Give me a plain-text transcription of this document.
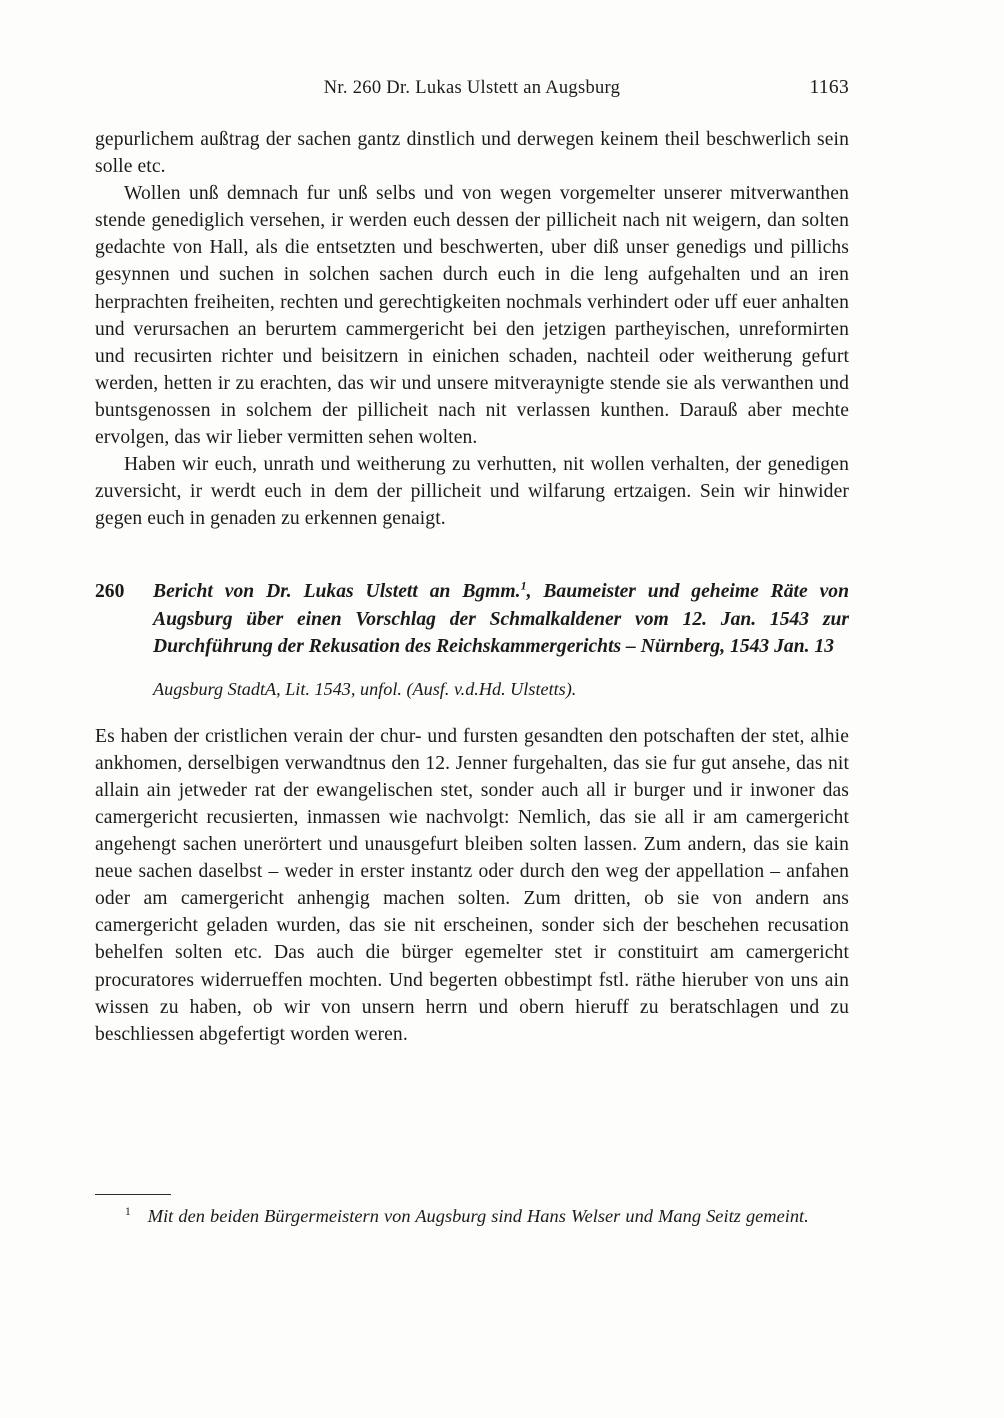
Nr. 260 Dr. Lukas Ulstett an Augsburg	1163

gepurlichem außtrag der sachen gantz dinstlich und derwegen keinem theil beschwerlich sein solle etc.

Wollen unß demnach fur unß selbs und von wegen vorgemelter unserer mitverwanthen stende genediglich versehen, ir werden euch dessen der pillicheit nach nit weigern, dan solten gedachte von Hall, als die entsetzten und beschwerten, uber diß unser genedigs und pillichs gesynnen und suchen in solchen sachen durch euch in die leng aufgehalten und an iren herprachten freiheiten, rechten und gerechtigkeiten nochmals verhindert oder uff euer anhalten und verursachen an berurtem cammergericht bei den jetzigen partheyischen, unreformirten und recusirten richter und beisitzern in einichen schaden, nachteil oder weitherung gefurt werden, hetten ir zu erachten, das wir und unsere mitveraynigte stende sie als verwanthen und buntsgenossen in solchem der pillicheit nach nit verlassen kunthen. Darauß aber mechte ervolgen, das wir lieber vermitten sehen wolten.

Haben wir euch, unrath und weitherung zu verhutten, nit wollen verhalten, der genedigen zuversicht, ir werdt euch in dem der pillicheit und wilfarung ertzaigen. Sein wir hinwider gegen euch in genaden zu erkennen genaigt.

260	Bericht von Dr. Lukas Ulstett an Bgmm.$^1$, Baumeister und geheime Räte von Augsburg über einen Vorschlag der Schmalkaldener vom 12. Jan. 1543 zur Durchführung der Rekusation des Reichskammergerichts – Nürnberg, 1543 Jan. 13

Augsburg StadtA, Lit. 1543, unfol. (Ausf. v.d.Hd. Ulstetts).

Es haben der cristlichen verain der chur- und fursten gesandten den potschaften der stet, alhie ankhomen, derselbigen verwandtnus den 12. Jenner furgehalten, das sie fur gut ansehe, das nit allain ain jetweder rat der ewangelischen stet, sonder auch all ir burger und ir inwoner das camergericht recusierten, inmassen wie nachvolgt: Nemlich, das sie all ir am camergericht angehengt sachen unerörtert und unausgefurt bleiben solten lassen. Zum andern, das sie kain neue sachen daselbst – weder in erster instantz oder durch den weg der appellation – anfahen oder am camergericht anhengig machen solten. Zum dritten, ob sie von andern ans camergericht geladen wurden, das sie nit erscheinen, sonder sich der beschehen recusation behelfen solten etc. Das auch die bürger egemelter stet ir constituirt am camergericht procuratores widerrueffen mochten. Und begerten obbestimpt fstl. räthe hieruber von uns ain wissen zu haben, ob wir von unsern herrn und obern hieruff zu beratschlagen und zu beschliessen abgefertigt worden weren.

$^1$ Mit den beiden Bürgermeistern von Augsburg sind Hans Welser und Mang Seitz gemeint.
